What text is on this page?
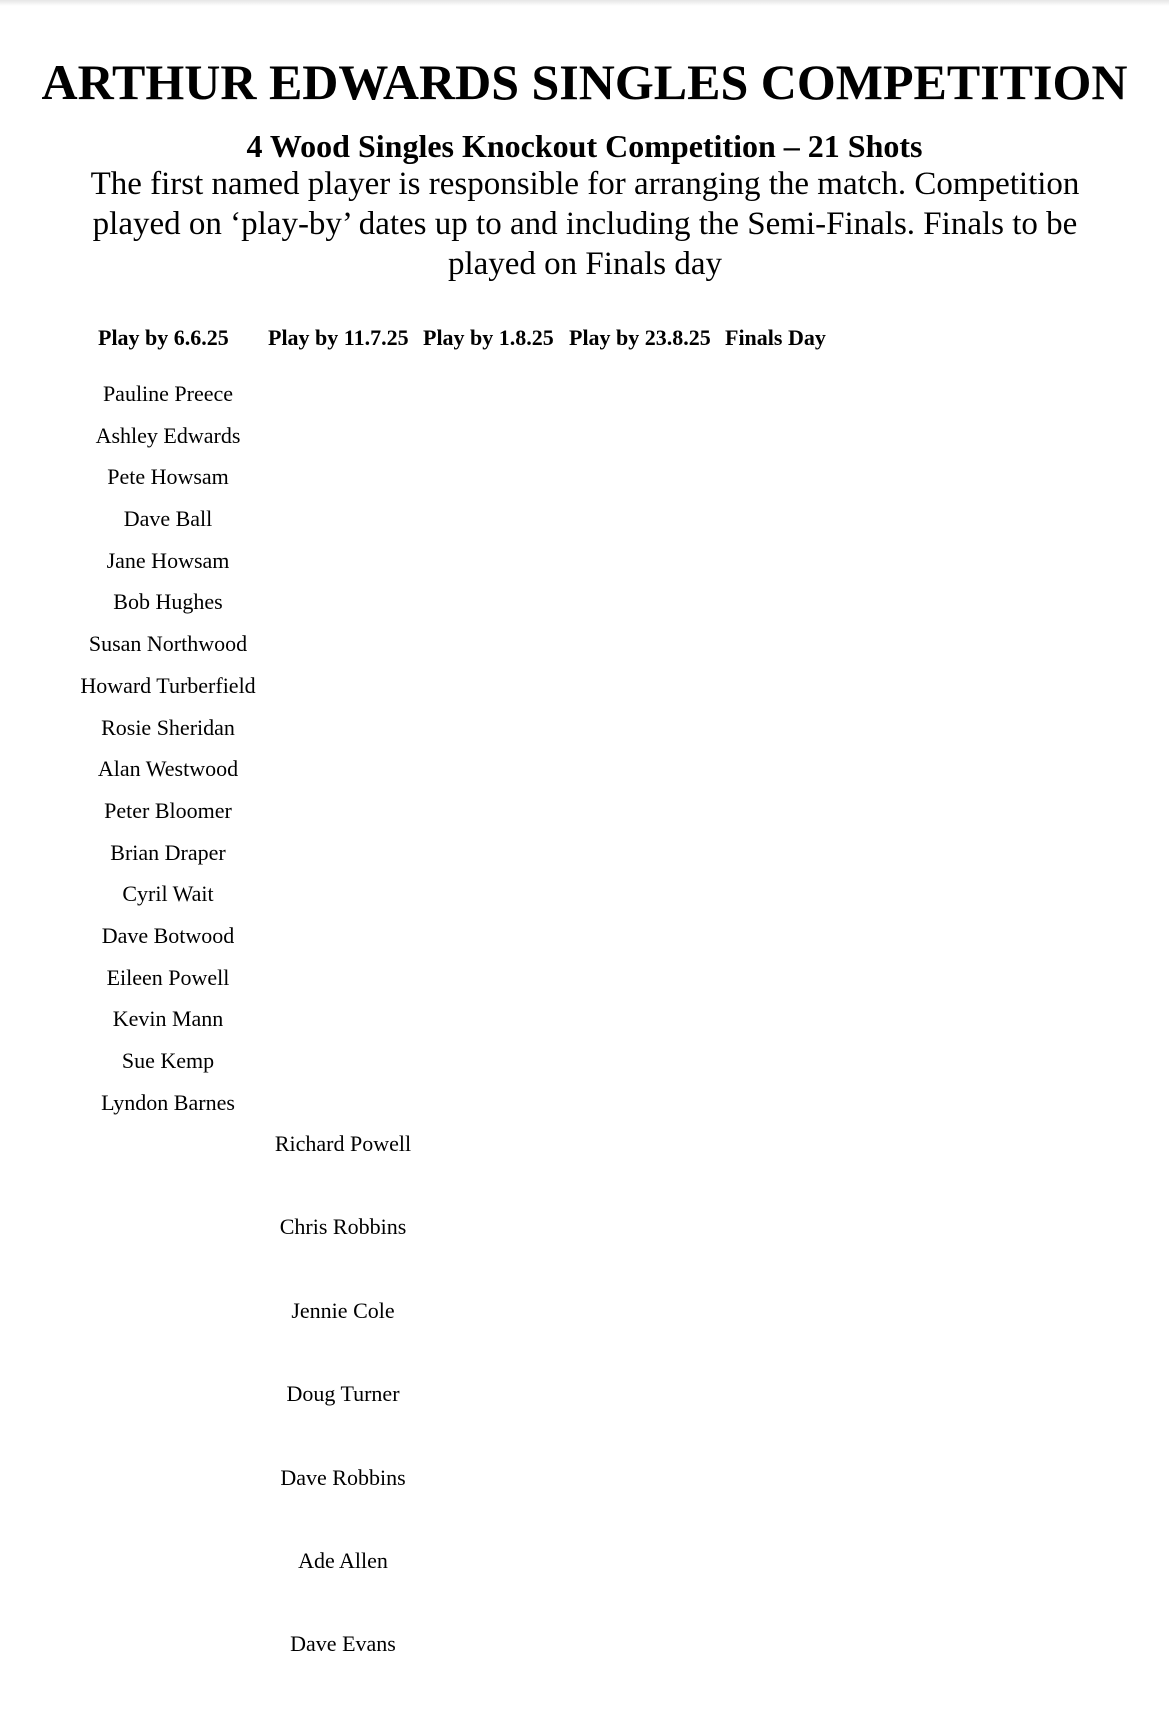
ARTHUR EDWARDS SINGLES COMPETITION
4 Wood Singles Knockout Competition – 21 Shots

The first named player is responsible for arranging the match. Competition played on ‘play-by’ dates up to and including the Semi-Finals. Finals to be played on Finals day

Play by 6.6.25 Play by 11.7.25 Play by 1.8.25 Play by 23.8.25 Finals Day
Pauline Preece
Ashley Edwards
Pete Howsam
Dave Ball
Jane Howsam
Bob Hughes
Susan Northwood
Howard Turberfield
Rosie Sheridan
Alan Westwood
Peter Bloomer
Brian Draper
Cyril Wait
Dave Botwood
Eileen Powell
Kevin Mann
Sue Kemp
Lyndon Barnes
Richard Powell
Chris Robbins
Jennie Cole
Doug Turner
Dave Robbins
Ade Allen
Dave Evans
